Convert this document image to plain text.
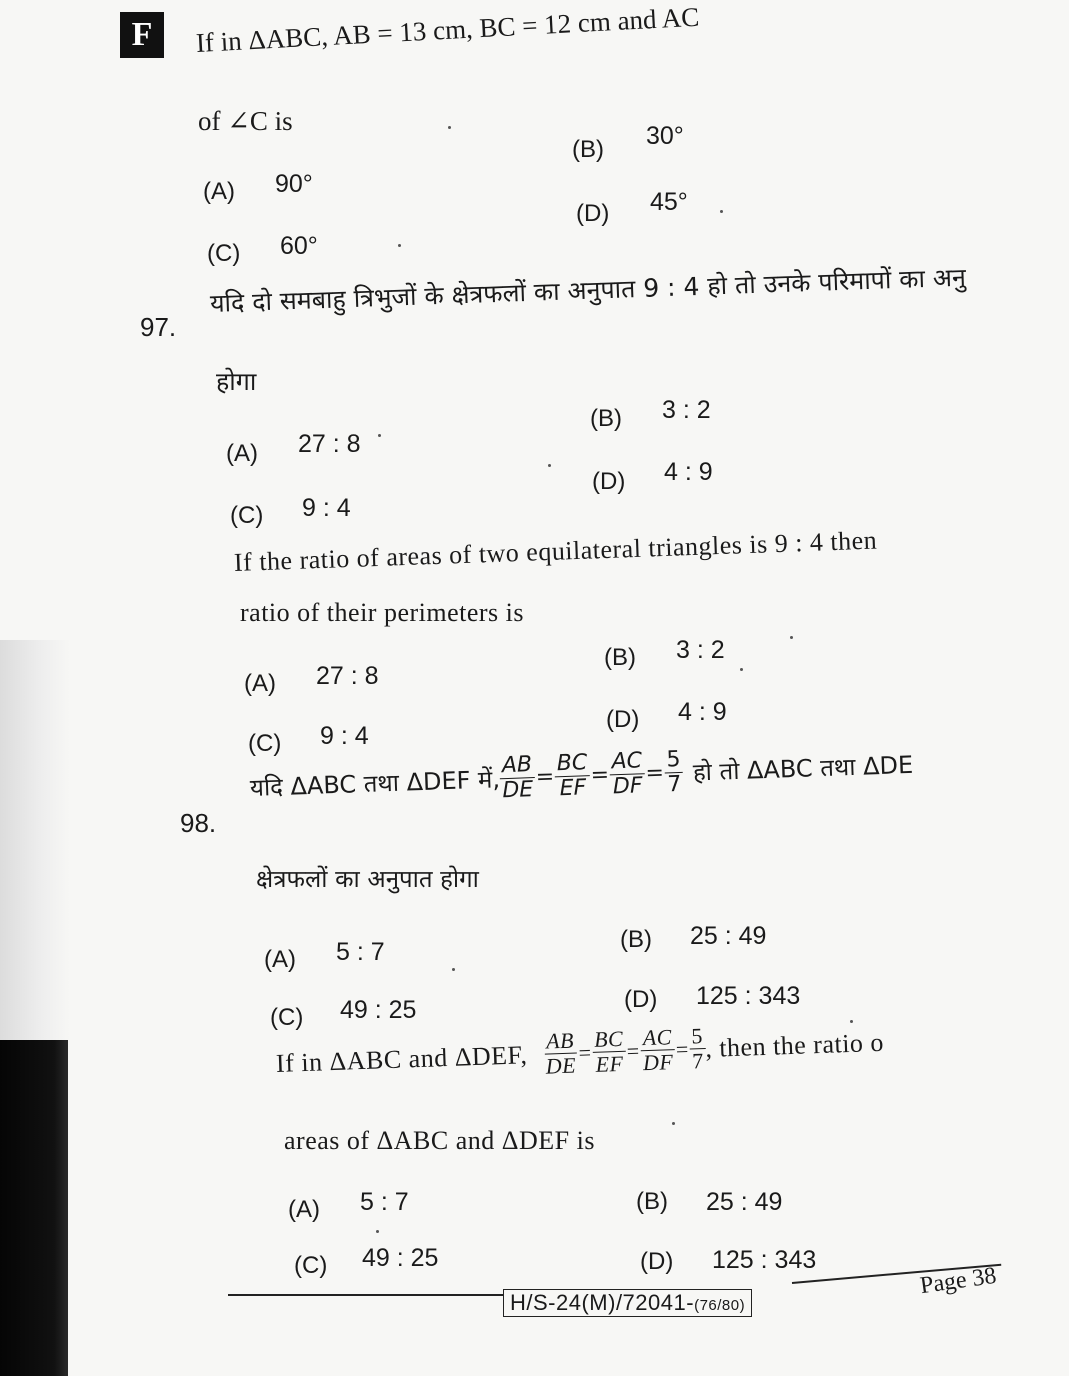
F	If in ΔABC, AB = 13 cm, BC = 12 cm and AC
of ∠C is
(A) 90°
(B) 30°
(C) 60°
(D) 45°
97.
यदि दो समबाहु त्रिभुजों के क्षेत्रफलों का अनुपात 9 : 4 हो तो उनके परिमापों का अनु
होगा
(A) 27 : 8
(B) 3 : 2
(C) 9 : 4
(D) 4 : 9
If the ratio of areas of two equilateral triangles is 9 : 4 then
ratio of their perimeters is
(A) 27 : 8
(B) 3 : 2
(C) 9 : 4
(D) 4 : 9
98.
यदि ΔABC तथा ΔDEF में,
$\frac{AB}{DE} = \frac{BC}{EF} = \frac{AC}{DF} = \frac{5}{7}$ हो तो ΔABC तथा ΔDE
क्षेत्रफलों का अनुपात होगा
(A) 5 : 7	(B) 25 : 49
(C) 49 : 25	(D) 125 : 343
If in ΔABC and ΔDEF, $\frac{AB}{DE} = \frac{BC}{EF} = \frac{AC}{DF} = \frac{5}{7}$
, then the ratio o
areas of ΔABC and ΔDEF is
(A) 5 : 7	(B) 25 : 49
(C) 49 : 25	(D) 125 : 343
H/S-24(M)/72041-(76/80)
Page 38
